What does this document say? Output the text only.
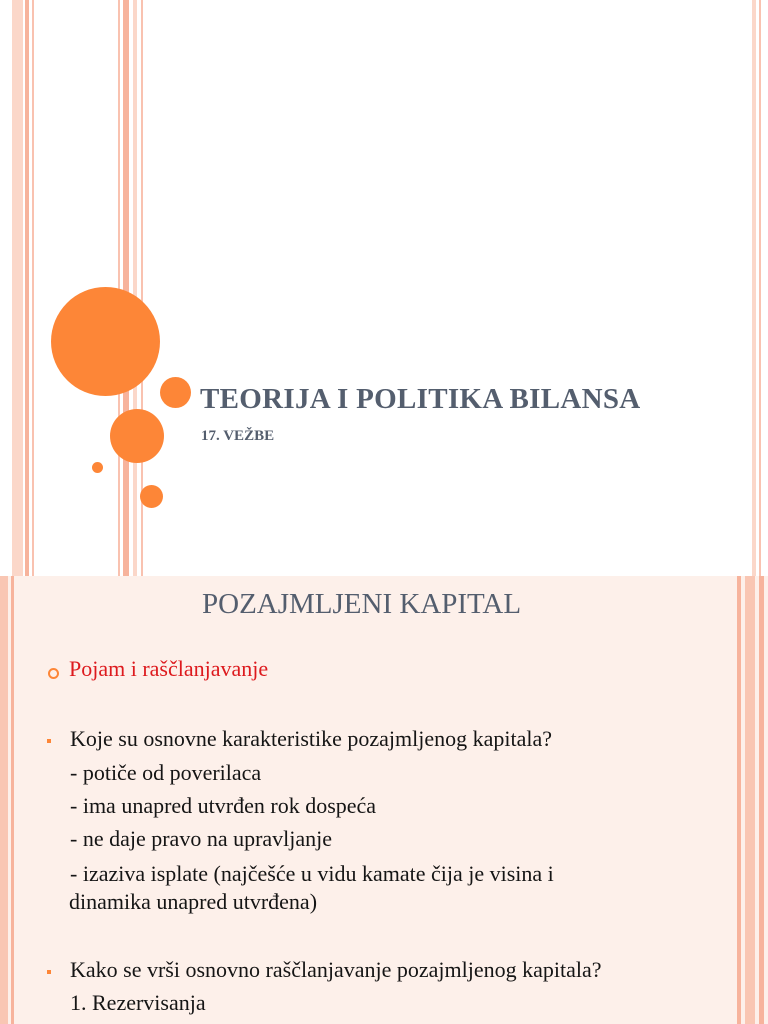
TEORIJA I POLITIKA BILANSA
17. VEŽBE
POZAJMLJENI KAPITAL
Pojam i raščlanjavanje
Koje su osnovne karakteristike pozajmljenog kapitala?
- potiče od poverilaca
- ima unapred utvrđen rok dospeća
- ne daje pravo na upravljanje
- izaziva isplate (najčešće u vidu kamate čija je visina i
dinamika unapred utvrđena)
Kako se vrši osnovno raščlanjavanje pozajmljenog kapitala?
1. Rezervisanja
